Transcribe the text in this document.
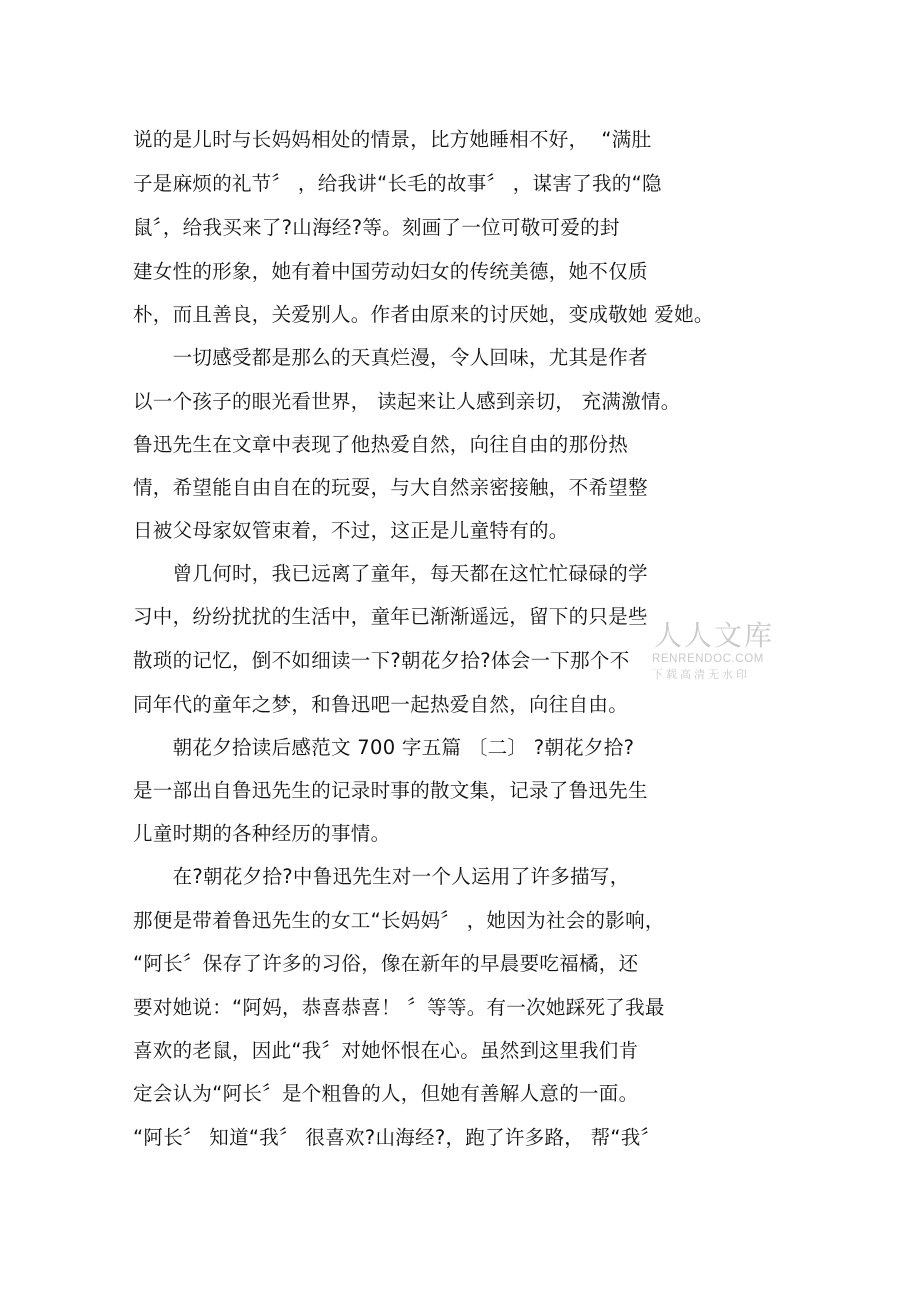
说的是儿时与长妈妈相处的情景，比方她睡相不好，  “满肚
子是麻烦的礼节〞 ，给我讲“长毛的故事〞 ，谋害了我的“隐
鼠〞，给我买来了?山海经?等。刻画了一位可敬可爱的封
建女性的形象，她有着中国劳动妇女的传统美德，她不仅质
朴，而且善良，关爱别人。作者由原来的讨厌她，变成敬她 爱她。
　　一切感受都是那么的天真烂漫，令人回味，尤其是作者
以一个孩子的眼光看世界， 读起来让人感到亲切， 充满激情。
鲁迅先生在文章中表现了他热爱自然，向往自由的那份热
情，希望能自由自在的玩耍，与大自然亲密接触，不希望整
日被父母家奴管束着，不过，这正是儿童特有的。
　　曾几何时，我已远离了童年，每天都在这忙忙碌碌的学
习中，纷纷扰扰的生活中，童年已渐渐遥远，留下的只是些
散琐的记忆，倒不如细读一下?朝花夕拾?体会一下那个不
同年代的童年之梦，和鲁迅吧一起热爱自然，向往自由。
　　朝花夕拾读后感范文 700 字五篇 〔二〕 ?朝花夕拾?
是一部出自鲁迅先生的记录时事的散文集，记录了鲁迅先生
儿童时期的各种经历的事情。
　　在?朝花夕拾?中鲁迅先生对一个人运用了许多描写，
那便是带着鲁迅先生的女工“长妈妈〞 ，她因为社会的影响，
“阿长〞保存了许多的习俗，像在新年的早晨要吃福橘，还
要对她说：“阿妈，恭喜恭喜！ 〞等等。有一次她踩死了我最
喜欢的老鼠，因此“我〞对她怀恨在心。虽然到这里我们肯
定会认为“阿长〞是个粗鲁的人，但她有善解人意的一面。
“阿长〞 知道“我〞 很喜欢?山海经?，跑了许多路， 帮“我〞
人人文库
RENRENDOC.COM
下载高清无水印
